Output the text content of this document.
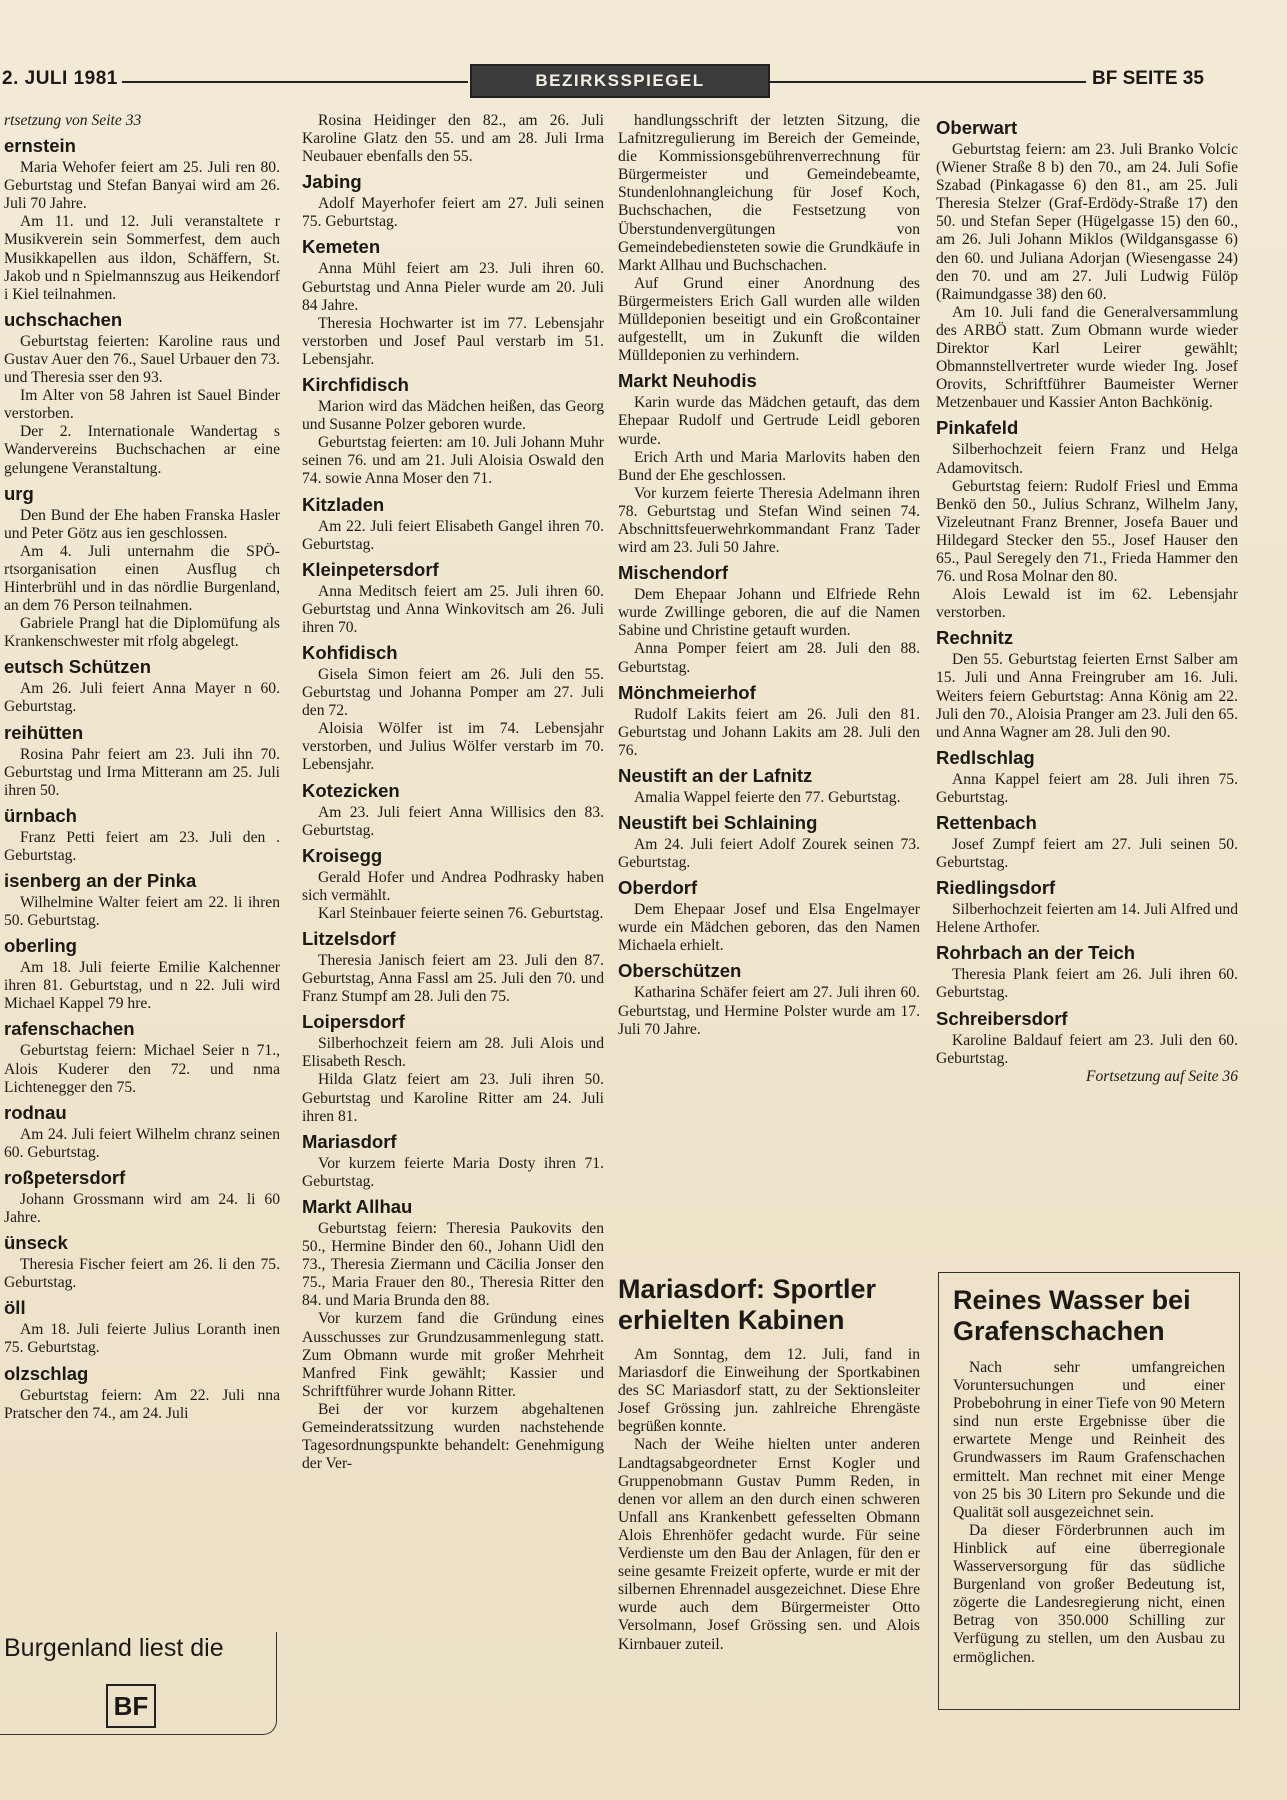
2. JULI 1981	BEZIRKSSPIEGEL	BF SEITE 35

rtsetzung von Seite 33

ernstein

Maria Wehofer feiert am 25. Juli ren 80. Geburtstag und Stefan Banyai wird am 26. Juli 70 Jahre.

Am 11. und 12. Juli veranstaltete r Musikverein sein Sommerfest, dem auch Musikkapellen aus ildon, Schäffern, St. Jakob und n Spielmannszug aus Heikendorf i Kiel teilnahmen.

uchschachen

Geburtstag feierten: Karoline raus und Gustav Auer den 76., Sauel Urbauer den 73. und Theresia sser den 93.

Im Alter von 58 Jahren ist Sauel Binder verstorben.

Der 2. Internationale Wandertag s Wandervereins Buchschachen ar eine gelungene Veranstaltung.

urg

Den Bund der Ehe haben Franska Hasler und Peter Götz aus ien geschlossen.

Am 4. Juli unternahm die SPÖ-rtsorganisation einen Ausflug ch Hinterbrühl und in das nördlie Burgenland, an dem 76 Person teilnahmen.

Gabriele Prangl hat die Diplomüfung als Krankenschwester mit rfolg abgelegt.

eutsch Schützen

Am 26. Juli feiert Anna Mayer n 60. Geburtstag.

reihütten

Rosina Pahr feiert am 23. Juli ihn 70. Geburtstag und Irma Mitterann am 25. Juli ihren 50.

ürnbach

Franz Petti feiert am 23. Juli den . Geburtstag.

isenberg an der Pinka

Wilhelmine Walter feiert am 22. li ihren 50. Geburtstag.

oberling

Am 18. Juli feierte Emilie Kalchenner ihren 81. Geburtstag, und n 22. Juli wird Michael Kappel 79 hre.

rafenschachen

Geburtstag feiern: Michael Seier n 71., Alois Kuderer den 72. und nma Lichtenegger den 75.

rodnau

Am 24. Juli feiert Wilhelm chranz seinen 60. Geburtstag.

roßpetersdorf

Johann Grossmann wird am 24. li 60 Jahre.

ünseck

Theresia Fischer feiert am 26. li den 75. Geburtstag.

öll

Am 18. Juli feierte Julius Loranth inen 75. Geburtstag.

olzschlag

Geburtstag feiern: Am 22. Juli nna Pratscher den 74., am 24. Juli

Burgenland liest die
BF

Rosina Heidinger den 82., am 26. Juli Karoline Glatz den 55. und am 28. Juli Irma Neubauer ebenfalls den 55.

Jabing

Adolf Mayerhofer feiert am 27. Juli seinen 75. Geburtstag.

Kemeten

Anna Mühl feiert am 23. Juli ihren 60. Geburtstag und Anna Pieler wurde am 20. Juli 84 Jahre.

Theresia Hochwarter ist im 77. Lebensjahr verstorben und Josef Paul verstarb im 51. Lebensjahr.

Kirchfidisch

Marion wird das Mädchen heißen, das Georg und Susanne Polzer geboren wurde.

Geburtstag feierten: am 10. Juli Johann Muhr seinen 76. und am 21. Juli Aloisia Oswald den 74. sowie Anna Moser den 71.

Kitzladen

Am 22. Juli feiert Elisabeth Gangel ihren 70. Geburtstag.

Kleinpetersdorf

Anna Meditsch feiert am 25. Juli ihren 60. Geburtstag und Anna Winkovitsch am 26. Juli ihren 70.

Kohfidisch

Gisela Simon feiert am 26. Juli den 55. Geburtstag und Johanna Pomper am 27. Juli den 72.

Aloisia Wölfer ist im 74. Lebensjahr verstorben, und Julius Wölfer verstarb im 70. Lebensjahr.

Kotezicken

Am 23. Juli feiert Anna Willisics den 83. Geburtstag.

Kroisegg

Gerald Hofer und Andrea Podhrasky haben sich vermählt.

Karl Steinbauer feierte seinen 76. Geburtstag.

Litzelsdorf

Theresia Janisch feiert am 23. Juli den 87. Geburtstag, Anna Fassl am 25. Juli den 70. und Franz Stumpf am 28. Juli den 75.

Loipersdorf

Silberhochzeit feiern am 28. Juli Alois und Elisabeth Resch.

Hilda Glatz feiert am 23. Juli ihren 50. Geburtstag und Karoline Ritter am 24. Juli ihren 81.

Mariasdorf

Vor kurzem feierte Maria Dosty ihren 71. Geburtstag.

Markt Allhau

Geburtstag feiern: Theresia Paukovits den 50., Hermine Binder den 60., Johann Uidl den 73., Theresia Ziermann und Cäcilia Jonser den 75., Maria Frauer den 80., Theresia Ritter den 84. und Maria Brunda den 88.

Vor kurzem fand die Gründung eines Ausschusses zur Grundzusammenlegung statt. Zum Obmann wurde mit großer Mehrheit Manfred Fink gewählt; Kassier und Schriftführer wurde Johann Ritter.

Bei der vor kurzem abgehaltenen Gemeinderatssitzung wurden nachstehende Tagesordnungspunkte behandelt: Genehmigung der Ver-

handlungsschrift der letzten Sitzung, die Lafnitzregulierung im Bereich der Gemeinde, die Kommissionsgebührenverrechnung für Bürgermeister und Gemeindebeamte, Stundenlohnangleichung für Josef Koch, Buchschachen, die Festsetzung von Überstundenvergütungen von Gemeindebediensteten sowie die Grundkäufe in Markt Allhau und Buchschachen.

Auf Grund einer Anordnung des Bürgermeisters Erich Gall wurden alle wilden Mülldeponien beseitigt und ein Großcontainer aufgestellt, um in Zukunft die wilden Mülldeponien zu verhindern.

Markt Neuhodis

Karin wurde das Mädchen getauft, das dem Ehepaar Rudolf und Gertrude Leidl geboren wurde.

Erich Arth und Maria Marlovits haben den Bund der Ehe geschlossen.

Vor kurzem feierte Theresia Adelmann ihren 78. Geburtstag und Stefan Wind seinen 74. Abschnittsfeuerwehrkommandant Franz Tader wird am 23. Juli 50 Jahre.

Mischendorf

Dem Ehepaar Johann und Elfriede Rehn wurde Zwillinge geboren, die auf die Namen Sabine und Christine getauft wurden.

Anna Pomper feiert am 28. Juli den 88. Geburtstag.

Mönchmeierhof

Rudolf Lakits feiert am 26. Juli den 81. Geburtstag und Johann Lakits am 28. Juli den 76.

Neustift an der Lafnitz

Amalia Wappel feierte den 77. Geburtstag.

Neustift bei Schlaining

Am 24. Juli feiert Adolf Zourek seinen 73. Geburtstag.

Oberdorf

Dem Ehepaar Josef und Elsa Engelmayer wurde ein Mädchen geboren, das den Namen Michaela erhielt.

Oberschützen

Katharina Schäfer feiert am 27. Juli ihren 60. Geburtstag, und Hermine Polster wurde am 17. Juli 70 Jahre.

Mariasdorf: Sportler erhielten Kabinen

Am Sonntag, dem 12. Juli, fand in Mariasdorf die Einweihung der Sportkabinen des SC Mariasdorf statt, zu der Sektionsleiter Josef Grössing jun. zahlreiche Ehrengäste begrüßen konnte.

Nach der Weihe hielten unter anderen Landtagsabgeordneter Ernst Kogler und Gruppenobmann Gustav Pumm Reden, in denen vor allem an den durch einen schweren Unfall ans Krankenbett gefesselten Obmann Alois Ehrenhöfer gedacht wurde. Für seine Verdienste um den Bau der Anlagen, für den er seine gesamte Freizeit opferte, wurde er mit der silbernen Ehrennadel ausgezeichnet. Diese Ehre wurde auch dem Bürgermeister Otto Versolmann, Josef Grössing sen. und Alois Kirnbauer zuteil.

Oberwart

Geburtstag feiern: am 23. Juli Branko Volcic (Wiener Straße 8 b) den 70., am 24. Juli Sofie Szabad (Pinkagasse 6) den 81., am 25. Juli Theresia Stelzer (Graf-Erdödy-Straße 17) den 50. und Stefan Seper (Hügelgasse 15) den 60., am 26. Juli Johann Miklos (Wildgansgasse 6) den 60. und Juliana Adorjan (Wiesengasse 24) den 70. und am 27. Juli Ludwig Fülöp (Raimundgasse 38) den 60.

Am 10. Juli fand die Generalversammlung des ARBÖ statt. Zum Obmann wurde wieder Direktor Karl Leirer gewählt; Obmannstellvertreter wurde wieder Ing. Josef Orovits, Schriftführer Baumeister Werner Metzenbauer und Kassier Anton Bachkönig.

Pinkafeld

Silberhochzeit feiern Franz und Helga Adamovitsch.

Geburtstag feiern: Rudolf Friesl und Emma Benkö den 50., Julius Schranz, Wilhelm Jany, Vizeleutnant Franz Brenner, Josefa Bauer und Hildegard Stecker den 55., Josef Hauser den 65., Paul Seregely den 71., Frieda Hammer den 76. und Rosa Molnar den 80.

Alois Lewald ist im 62. Lebensjahr verstorben.

Rechnitz

Den 55. Geburtstag feierten Ernst Salber am 15. Juli und Anna Freingruber am 16. Juli. Weiters feiern Geburtstag: Anna König am 22. Juli den 70., Aloisia Pranger am 23. Juli den 65. und Anna Wagner am 28. Juli den 90.

Redlschlag

Anna Kappel feiert am 28. Juli ihren 75. Geburtstag.

Rettenbach

Josef Zumpf feiert am 27. Juli seinen 50. Geburtstag.

Riedlingsdorf

Silberhochzeit feierten am 14. Juli Alfred und Helene Arthofer.

Rohrbach an der Teich

Theresia Plank feiert am 26. Juli ihren 60. Geburtstag.

Schreibersdorf

Karoline Baldauf feiert am 23. Juli den 60. Geburtstag.

Fortsetzung auf Seite 36

Reines Wasser bei Grafenschachen

Nach sehr umfangreichen Voruntersuchungen und einer Probebohrung in einer Tiefe von 90 Metern sind nun erste Ergebnisse über die erwartete Menge und Reinheit des Grundwassers im Raum Grafenschachen ermittelt. Man rechnet mit einer Menge von 25 bis 30 Litern pro Sekunde und die Qualität soll ausgezeichnet sein.

Da dieser Förderbrunnen auch im Hinblick auf eine überregionale Wasserversorgung für das südliche Burgenland von großer Bedeutung ist, zögerte die Landesregierung nicht, einen Betrag von 350.000 Schilling zur Verfügung zu stellen, um den Ausbau zu ermöglichen.
